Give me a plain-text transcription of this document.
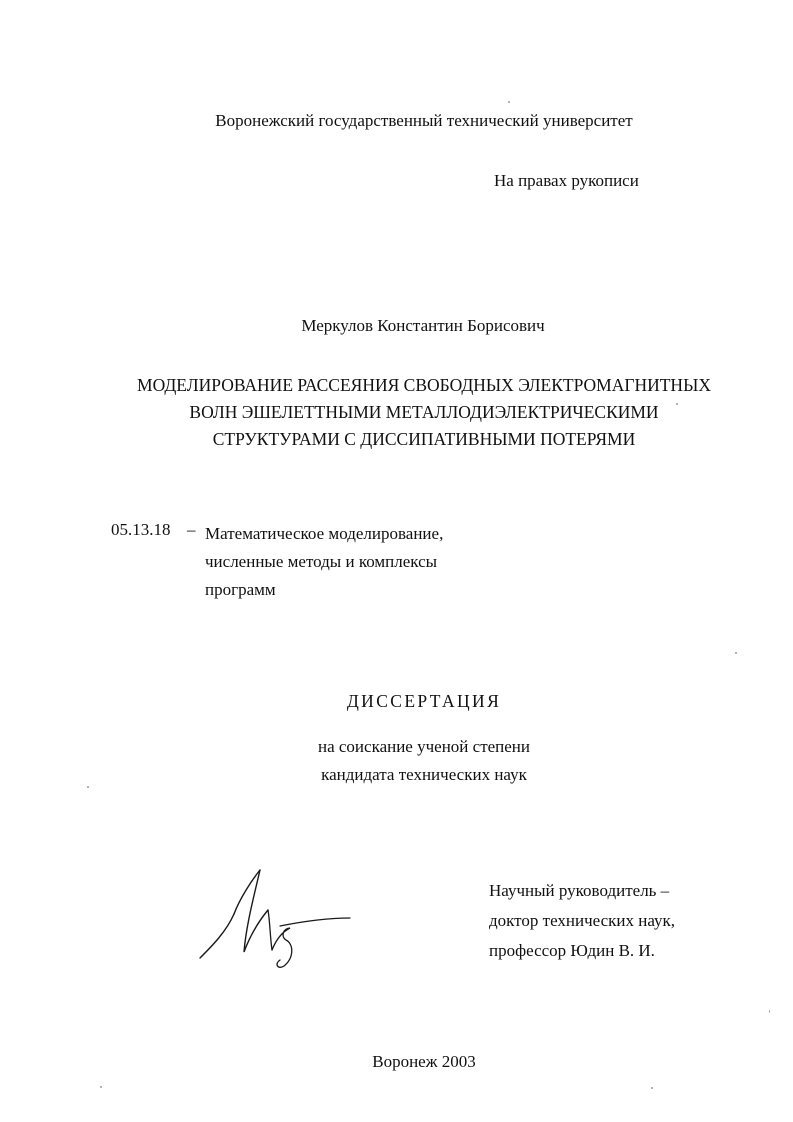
Воронежский государственный технический университет
На правах рукописи
Меркулов Константин Борисович
МОДЕЛИРОВАНИЕ РАССЕЯНИЯ СВОБОДНЫХ ЭЛЕКТРОМАГНИТНЫХ
ВОЛН ЭШЕЛЕТТНЫМИ МЕТАЛЛОДИЭЛЕКТРИЧЕСКИМИ
СТРУКТУРАМИ С ДИССИПАТИВНЫМИ ПОТЕРЯМИ
05.13.18 – Математическое моделирование,
численные методы и комплексы
программ
ДИССЕРТАЦИЯ
на соискание ученой степени
кандидата технических наук
Научный руководитель –
доктор технических наук,
профессор Юдин В. И.
Воронеж 2003
